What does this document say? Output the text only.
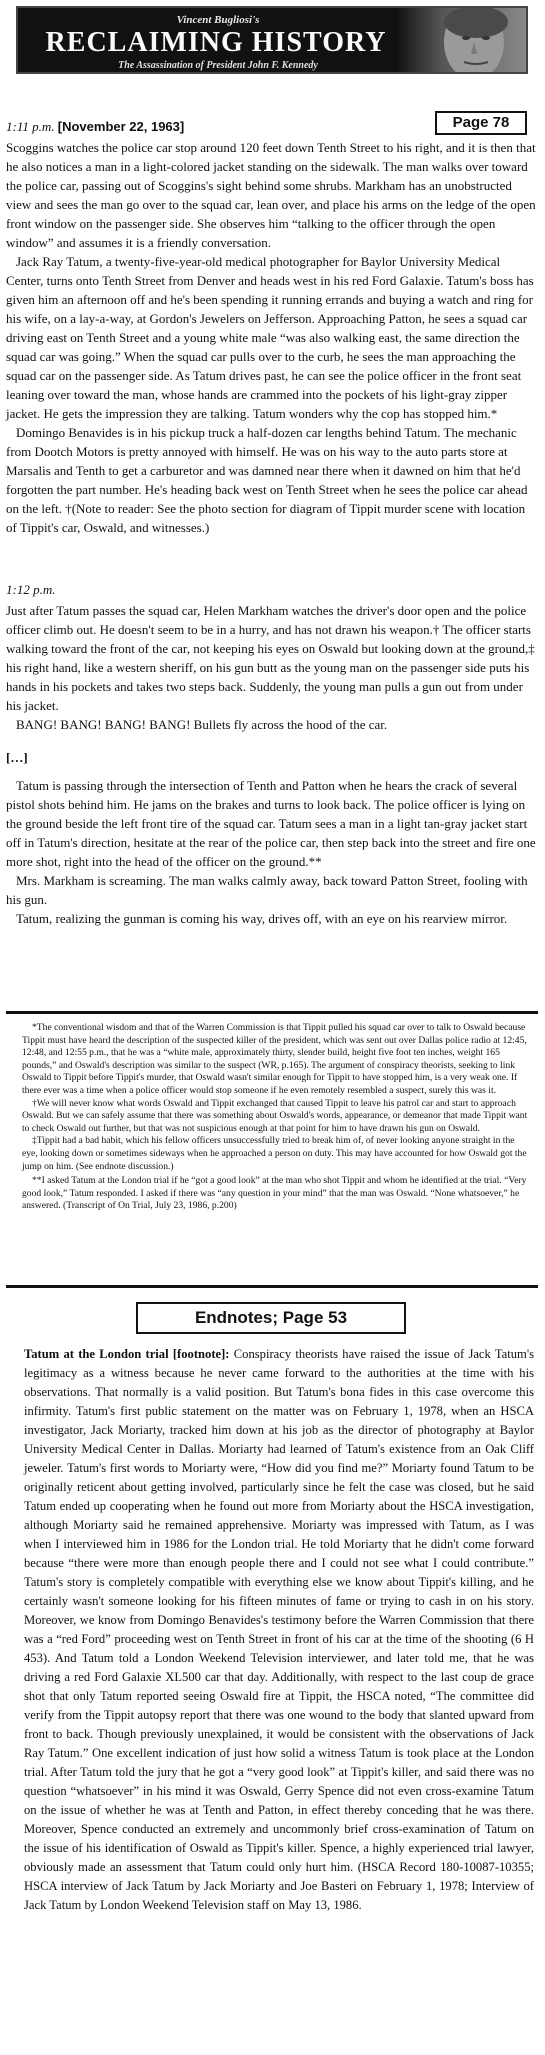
Vincent Bugliosi's
RECLAIMING HISTORY
The Assassination of President John F. Kennedy
Page 78
1:11 p.m. [November 22, 1963]

Scoggins watches the police car stop around 120 feet down Tenth Street to his right, and it is then that he also notices a man in a light-colored jacket standing on the sidewalk. The man walks over toward the police car, passing out of Scoggins's sight behind some shrubs. Markham has an unobstructed view and sees the man go over to the squad car, lean over, and place his arms on the ledge of the open front window on the passenger side. She observes him “talking to the officer through the open window” and assumes it is a friendly conversation.

Jack Ray Tatum, a twenty-five-year-old medical photographer for Baylor University Medical Center, turns onto Tenth Street from Denver and heads west in his red Ford Galaxie. Tatum's boss has given him an afternoon off and he's been spending it running errands and buying a watch and ring for his wife, on a lay-a-way, at Gordon's Jewelers on Jefferson. Approaching Patton, he sees a squad car driving east on Tenth Street and a young white male “was also walking east, the same direction the squad car was going.” When the squad car pulls over to the curb, he sees the man approaching the squad car on the passenger side. As Tatum drives past, he can see the police officer in the front seat leaning over toward the man, whose hands are crammed into the pockets of his light-gray zipper jacket. He gets the impression they are talking. Tatum wonders why the cop has stopped him.*

Domingo Benavides is in his pickup truck a half-dozen car lengths behind Tatum. The mechanic from Dootch Motors is pretty annoyed with himself. He was on his way to the auto parts store at Marsalis and Tenth to get a carburetor and was damned near there when it dawned on him that he'd forgotten the part number. He's heading back west on Tenth Street when he sees the police car ahead on the left. †(Note to reader: See the photo section for diagram of Tippit murder scene with location of Tippit's car, Oswald, and witnesses.)

1:12 p.m.

Just after Tatum passes the squad car, Helen Markham watches the driver's door open and the police officer climb out. He doesn't seem to be in a hurry, and has not drawn his weapon.† The officer starts walking toward the front of the car, not keeping his eyes on Oswald but looking down at the ground,‡ his right hand, like a western sheriff, on his gun butt as the young man on the passenger side puts his hands in his pockets and takes two steps back. Suddenly, the young man pulls a gun out from under his jacket.

BANG! BANG! BANG! BANG! Bullets fly across the hood of the car.

[…]

Tatum is passing through the intersection of Tenth and Patton when he hears the crack of several pistol shots behind him. He jams on the brakes and turns to look back. The police officer is lying on the ground beside the left front tire of the squad car. Tatum sees a man in a light tan-gray jacket start off in Tatum's direction, hesitate at the rear of the police car, then step back into the street and fire one more shot, right into the head of the officer on the ground.**

Mrs. Markham is screaming. The man walks calmly away, back toward Patton Street, fooling with his gun.

Tatum, realizing the gunman is coming his way, drives off, with an eye on his rearview mirror.

*The conventional wisdom and that of the Warren Commission is that Tippit pulled his squad car over to talk to Oswald because Tippit must have heard the description of the suspected killer of the president, which was sent out over Dallas police radio at 12:45, 12:48, and 12:55 p.m., that he was a “white male, approximately thirty, slender build, height five foot ten inches, weight 165 pounds,” and Oswald's description was similar to the suspect (WR, p.165). The argument of conspiracy theorists, seeking to link Oswald to Tippit before Tippit's murder, that Oswald wasn't similar enough for Tippit to have stopped him, is a very weak one. If there ever was a time when a police officer would stop someone if he even remotely resembled a suspect, surely this was it.

†We will never know what words Oswald and Tippit exchanged that caused Tippit to leave his patrol car and start to approach Oswald. But we can safely assume that there was something about Oswald's words, appearance, or demeanor that made Tippit want to check Oswald out further, but that was not suspicious enough at that point for him to have drawn his gun on Oswald.

‡Tippit had a bad habit, which his fellow officers unsuccessfully tried to break him of, of never looking anyone straight in the eye, looking down or sometimes sideways when he approached a person on duty. This may have accounted for how Oswald got the jump on him. (See endnote discussion.)

**I asked Tatum at the London trial if he “got a good look” at the man who shot Tippit and whom he identified at the trial. “Very good look,” Tatum responded. I asked if there was “any question in your mind” that the man was Oswald. “None whatsoever,” he answered. (Transcript of On Trial, July 23, 1986, p.200)

Endnotes; Page 53
Tatum at the London trial [footnote]: Conspiracy theorists have raised the issue of Jack Tatum's legitimacy as a witness because he never came forward to the authorities at the time with his observations. That normally is a valid position. But Tatum's bona fides in this case overcome this infirmity. Tatum's first public statement on the matter was on February 1, 1978, when an HSCA investigator, Jack Moriarty, tracked him down at his job as the director of photography at Baylor University Medical Center in Dallas. Moriarty had learned of Tatum's existence from an Oak Cliff jeweler. Tatum's first words to Moriarty were, “How did you find me?” Moriarty found Tatum to be originally reticent about getting involved, particularly since he felt the case was closed, but he said Tatum ended up cooperating when he found out more from Moriarty about the HSCA investigation, although Moriarty said he remained apprehensive. Moriarty was impressed with Tatum, as I was when I interviewed him in 1986 for the London trial. He told Moriarty that he didn't come forward because “there were more than enough people there and I could not see what I could contribute.” Tatum's story is completely compatible with everything else we know about Tippit's killing, and he certainly wasn't someone looking for his fifteen minutes of fame or trying to cash in on his story. Moreover, we know from Domingo Benavides's testimony before the Warren Commission that there was a “red Ford” proceeding west on Tenth Street in front of his car at the time of the shooting (6 H 453). And Tatum told a London Weekend Television interviewer, and later told me, that he was driving a red Ford Galaxie XL500 car that day. Additionally, with respect to the last coup de grace shot that only Tatum reported seeing Oswald fire at Tippit, the HSCA noted, “The committee did verify from the Tippit autopsy report that there was one wound to the body that slanted upward from front to back. Though previously unexplained, it would be consistent with the observations of Jack Ray Tatum.” One excellent indication of just how solid a witness Tatum is took place at the London trial. After Tatum told the jury that he got a “very good look” at Tippit's killer, and said there was no question “whatsoever” in his mind it was Oswald, Gerry Spence did not even cross-examine Tatum on the issue of whether he was at Tenth and Patton, in effect thereby conceding that he was there. Moreover, Spence conducted an extremely and uncommonly brief cross-examination of Tatum on the issue of his identification of Oswald as Tippit's killer. Spence, a highly experienced trial lawyer, obviously made an assessment that Tatum could only hurt him. (HSCA Record 180-10087-10355; HSCA interview of Jack Tatum by Jack Moriarty and Joe Basteri on February 1, 1978; Interview of Jack Tatum by London Weekend Television staff on May 13, 1986.
